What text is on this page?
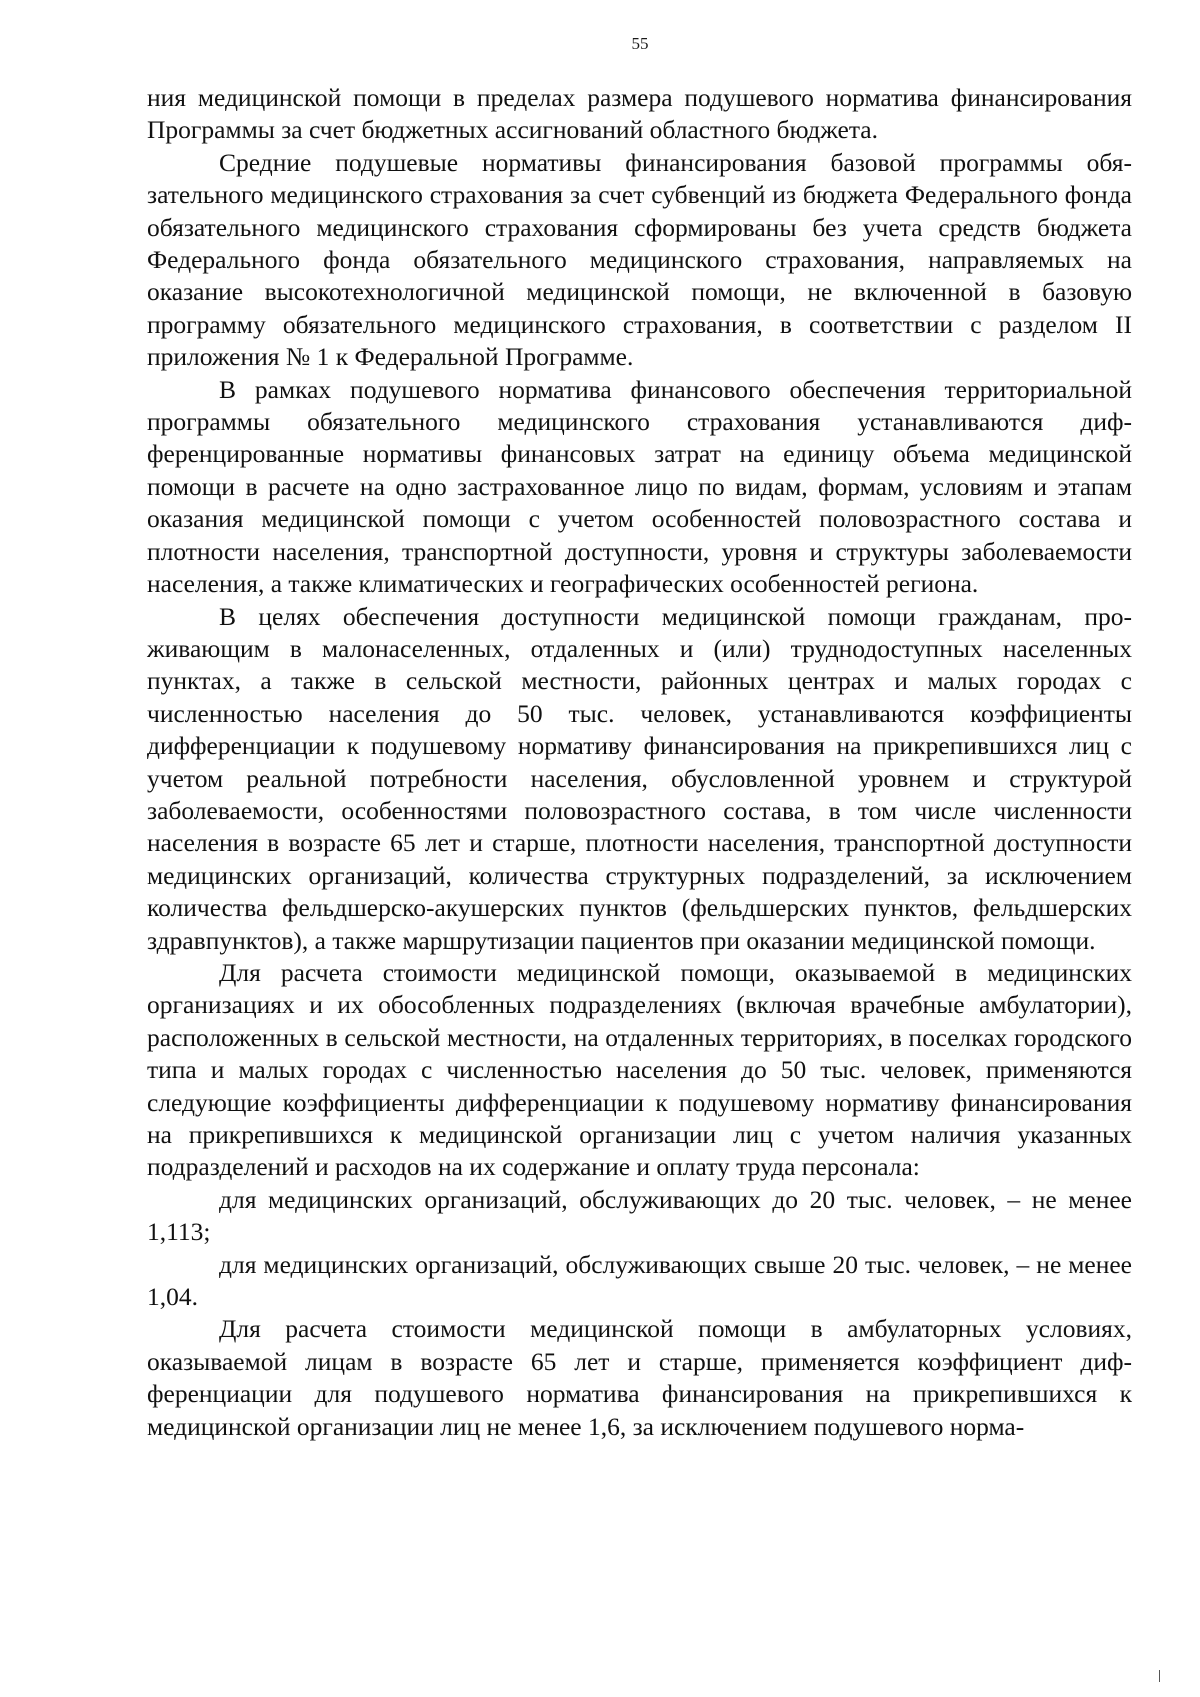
55

ния медицинской помощи в пределах размера подушевого норматива финансирования Программы за счет бюджетных ассигнований областного бюджета.

Средние подушевые нормативы финансирования базовой программы обязательного медицинского страхования за счет субвенций из бюджета Федерального фонда обязательного медицинского страхования сформированы без учета средств бюджета Федерального фонда обязательного медицинского страхования, направляемых на оказание высокотехнологичной медицинской помощи, не включенной в базовую программу обязательного медицинского страхования, в соответствии с разделом II приложения № 1 к Федеральной Программе.

В рамках подушевого норматива финансового обеспечения территориальной программы обязательного медицинского страхования устанавливаются дифференцированные нормативы финансовых затрат на единицу объема медицинской помощи в расчете на одно застрахованное лицо по видам, формам, условиям и этапам оказания медицинской помощи с учетом особенностей половозрастного состава и плотности населения, транспортной доступности, уровня и структуры заболеваемости населения, а также климатических и географических особенностей региона.

В целях обеспечения доступности медицинской помощи гражданам, проживающим в малонаселенных, отдаленных и (или) труднодоступных населенных пунктах, а также в сельской местности, районных центрах и малых городах с численностью населения до 50 тыс. человек, устанавливаются коэффициенты дифференциации к подушевому нормативу финансирования на прикрепившихся лиц с учетом реальной потребности населения, обусловленной уровнем и структурой заболеваемости, особенностями половозрастного состава, в том числе численности населения в возрасте 65 лет и старше, плотности населения, транспортной доступности медицинских организаций, количества структурных подразделений, за исключением количества фельдшерско-акушерских пунктов (фельдшерских пунктов, фельдшерских здравпунктов), а также маршрутизации пациентов при оказании медицинской помощи.

Для расчета стоимости медицинской помощи, оказываемой в медицинских организациях и их обособленных подразделениях (включая врачебные амбулатории), расположенных в сельской местности, на отдаленных территориях, в поселках городского типа и малых городах с численностью населения до 50 тыс. человек, применяются следующие коэффициенты дифференциации к подушевому нормативу финансирования на прикрепившихся к медицинской организации лиц с учетом наличия указанных подразделений и расходов на их содержание и оплату труда персонала:

для медицинских организаций, обслуживающих до 20 тыс. человек, – не менее 1,113;

для медицинских организаций, обслуживающих свыше 20 тыс. человек, – не менее 1,04.

Для расчета стоимости медицинской помощи в амбулаторных условиях, оказываемой лицам в возрасте 65 лет и старше, применяется коэффициент дифференциации для подушевого норматива финансирования на прикрепившихся к медицинской организации лиц не менее 1,6, за исключением подушевого норма-
